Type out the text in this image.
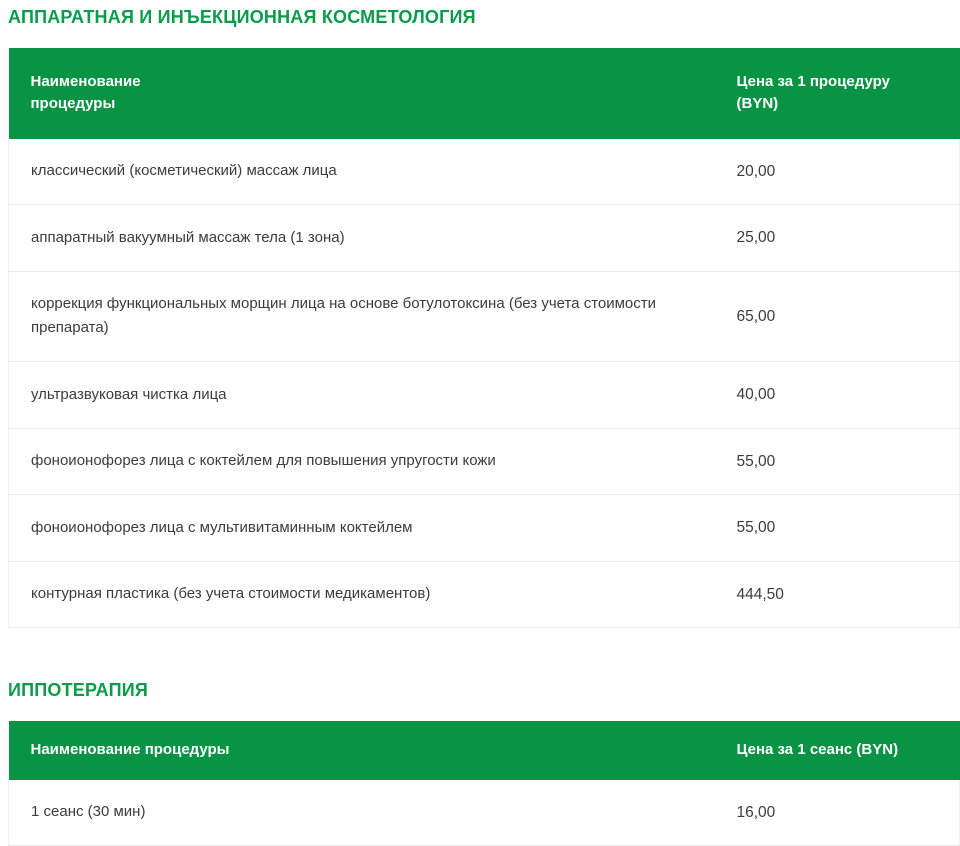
АППАРАТНАЯ И ИНЪЕКЦИОННАЯ КОСМЕТОЛОГИЯ
Наименование процедуры	Цена за 1 процедуру (BYN)
классический (косметический) массаж лица	20,00
аппаратный вакуумный массаж тела (1 зона)	25,00
коррекция функциональных морщин лица на основе ботулотоксина (без учета стоимости препарата)	65,00
ультразвуковая чистка лица	40,00
фоноионофорез лица с коктейлем для повышения упругости кожи	55,00
фоноионофорез лица с мультивитаминным коктейлем	55,00
контурная пластика (без учета стоимости медикаментов)	444,50
ИППОТЕРАПИЯ
Наименование процедуры	Цена за 1 сеанс (BYN)
1 сеанс (30 мин)	16,00
